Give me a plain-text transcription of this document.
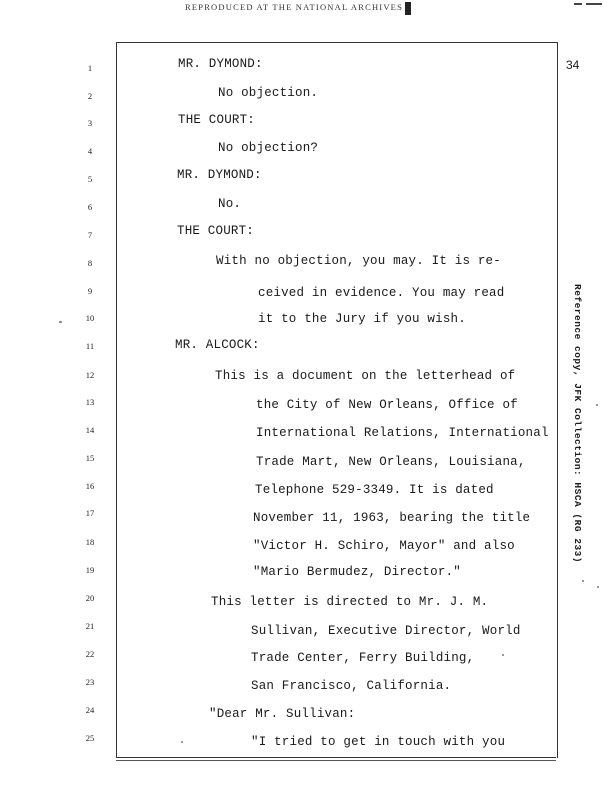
REPRODUCED AT THE NATIONAL ARCHIVES
34
Reference copy, JFK Collection: HSCA (RG 233)
1	MR. DYMOND:
2	No objection.
3	THE COURT:
4	No objection?
5	MR. DYMOND:
6	No.
7	THE COURT:
8	With no objection, you may. It is re-
9	ceived in evidence. You may read
10	it to the Jury if you wish.
11	MR. ALCOCK:
12	This is a document on the letterhead of
13	the City of New Orleans, Office of
14	International Relations, International
15	Trade Mart, New Orleans, Louisiana,
16	Telephone 529-3349. It is dated
17	November 11, 1963, bearing the title
18	"Victor H. Schiro, Mayor" and also
19	"Mario Bermudez, Director."
20	This letter is directed to Mr. J. M.
21	Sullivan, Executive Director, World
22	Trade Center, Ferry Building,
23	San Francisco, California.
24	"Dear Mr. Sullivan:
25	"I tried to get in touch with you
